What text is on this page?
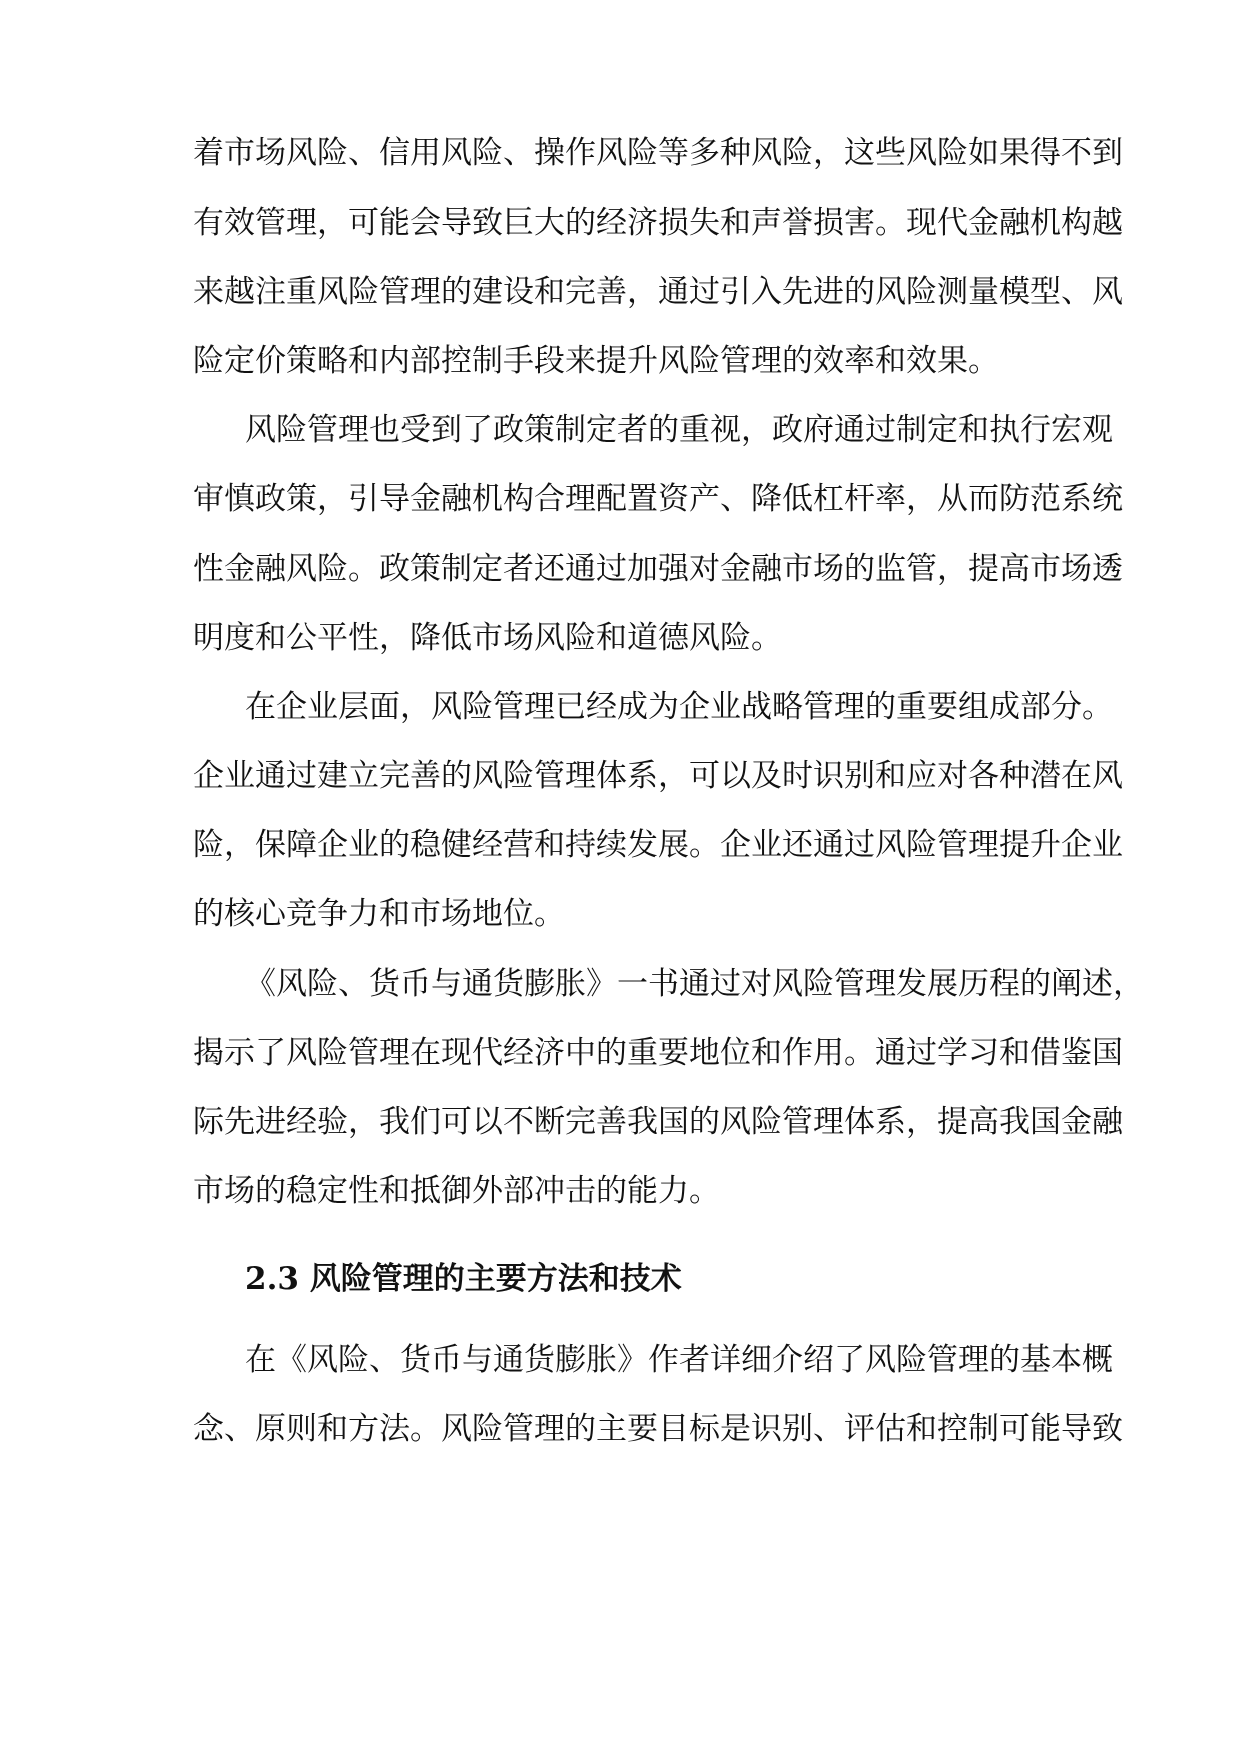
着市场风险、信用风险、操作风险等多种风险，这些风险如果得不到
有效管理，可能会导致巨大的经济损失和声誉损害。现代金融机构越
来越注重风险管理的建设和完善，通过引入先进的风险测量模型、风
险定价策略和内部控制手段来提升风险管理的效率和效果。
风险管理也受到了政策制定者的重视，政府通过制定和执行宏观
审慎政策，引导金融机构合理配置资产、降低杠杆率，从而防范系统
性金融风险。政策制定者还通过加强对金融市场的监管，提高市场透
明度和公平性，降低市场风险和道德风险。
在企业层面，风险管理已经成为企业战略管理的重要组成部分。
企业通过建立完善的风险管理体系，可以及时识别和应对各种潜在风
险，保障企业的稳健经营和持续发展。企业还通过风险管理提升企业
的核心竞争力和市场地位。
《风险、货币与通货膨胀》一书通过对风险管理发展历程的阐述，
揭示了风险管理在现代经济中的重要地位和作用。通过学习和借鉴国
际先进经验，我们可以不断完善我国的风险管理体系，提高我国金融
市场的稳定性和抵御外部冲击的能力。
2.3 风险管理的主要方法和技术
在《风险、货币与通货膨胀》作者详细介绍了风险管理的基本概
念、原则和方法。风险管理的主要目标是识别、评估和控制可能导致
